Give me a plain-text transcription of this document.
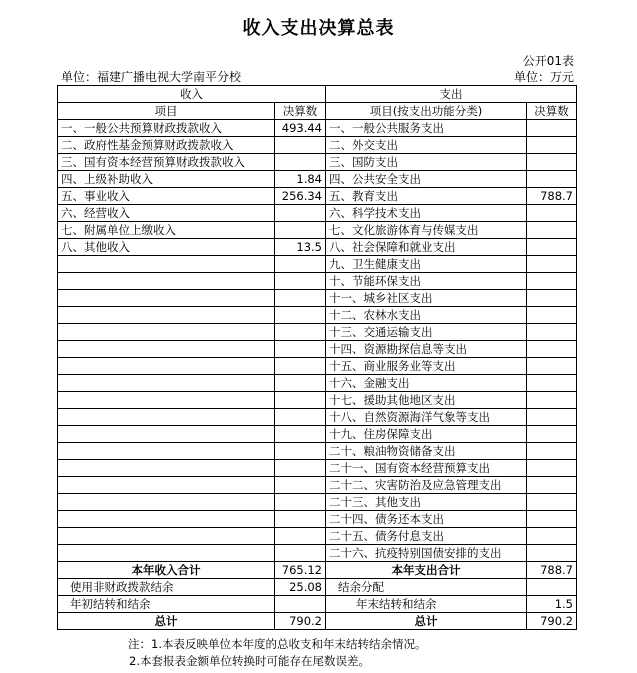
收入支出决算总表
公开01表
单位：福建广播电视大学南平分校	单位：万元
收入		支出	
项目	决算数	项目(按支出功能分类)	决算数
一、一般公共预算财政拨款收入	493.44	一、一般公共服务支出	
二、政府性基金预算财政拨款收入		二、外交支出	
三、国有资本经营预算财政拨款收入		三、国防支出	
四、上级补助收入	1.84	四、公共安全支出	
五、事业收入	256.34	五、教育支出	788.7
六、经营收入		六、科学技术支出	
七、附属单位上缴收入		七、文化旅游体育与传媒支出	
八、其他收入	13.5	八、社会保障和就业支出	
		九、卫生健康支出	
		十、节能环保支出	
		十一、城乡社区支出	
		十二、农林水支出	
		十三、交通运输支出	
		十四、资源勘探信息等支出	
		十五、商业服务业等支出	
		十六、金融支出	
		十七、援助其他地区支出	
		十八、自然资源海洋气象等支出	
		十九、住房保障支出	
		二十、粮油物资储备支出	
		二十一、国有资本经营预算支出	
		二十二、灾害防治及应急管理支出	
		二十三、其他支出	
		二十四、债务还本支出	
		二十五、债务付息支出	
		二十六、抗疫特别国债安排的支出	
本年收入合计	765.12	本年支出合计	788.7
使用非财政拨款结余	25.08	结余分配	
年初结转和结余		年末结转和结余	1.5
总计	790.2	总计	790.2
注：1.本表反映单位本年度的总收支和年末结转结余情况。
2.本套报表金额单位转换时可能存在尾数误差。
